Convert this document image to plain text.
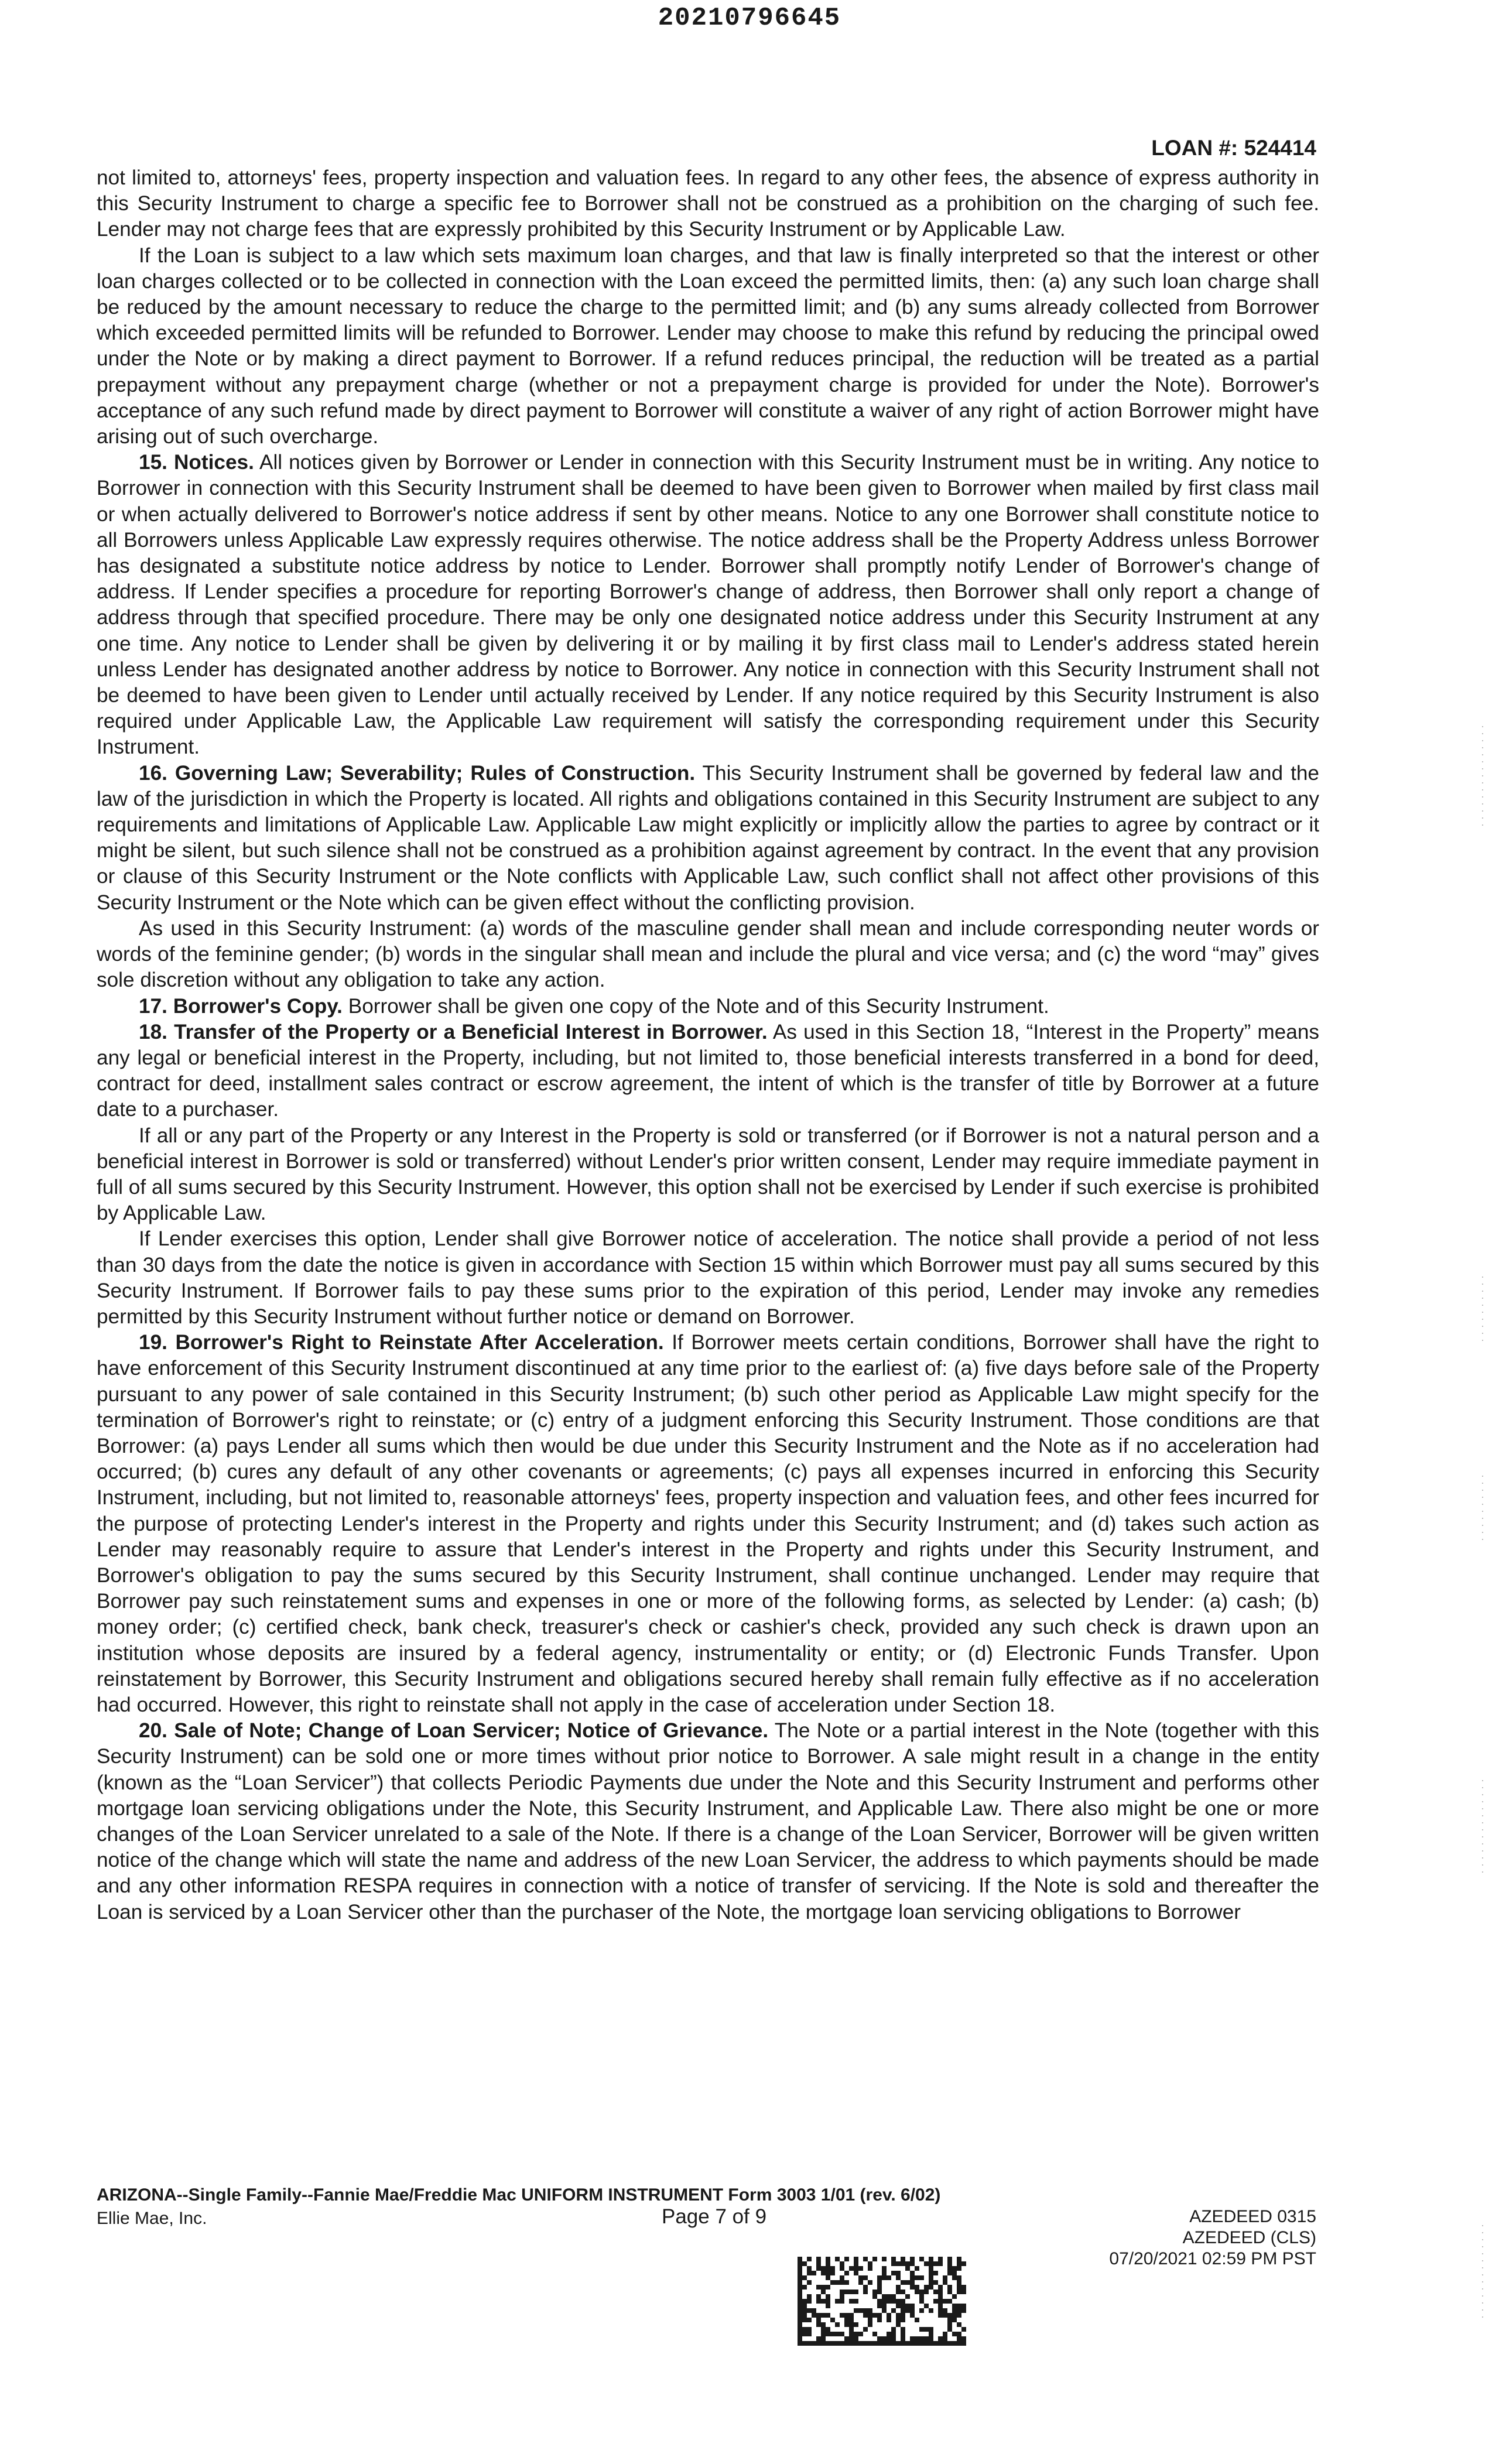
20210796645
LOAN #: 524414

not limited to, attorneys' fees, property inspection and valuation fees. In regard to any other fees, the absence of express authority in this Security Instrument to charge a specific fee to Borrower shall not be construed as a prohibition on the charging of such fee. Lender may not charge fees that are expressly prohibited by this Security Instrument or by Applicable Law.

If the Loan is subject to a law which sets maximum loan charges, and that law is finally interpreted so that the interest or other loan charges collected or to be collected in connection with the Loan exceed the permitted limits, then: (a) any such loan charge shall be reduced by the amount necessary to reduce the charge to the permitted limit; and (b) any sums already collected from Borrower which exceeded permitted limits will be refunded to Borrower. Lender may choose to make this refund by reducing the principal owed under the Note or by making a direct payment to Borrower. If a refund reduces principal, the reduction will be treated as a partial prepayment without any prepayment charge (whether or not a prepayment charge is provided for under the Note). Borrower's acceptance of any such refund made by direct payment to Borrower will constitute a waiver of any right of action Borrower might have arising out of such overcharge.

15. Notices. All notices given by Borrower or Lender in connection with this Security Instrument must be in writing. Any notice to Borrower in connection with this Security Instrument shall be deemed to have been given to Borrower when mailed by first class mail or when actually delivered to Borrower's notice address if sent by other means. Notice to any one Borrower shall constitute notice to all Borrowers unless Applicable Law expressly requires otherwise. The notice address shall be the Property Address unless Borrower has designated a substitute notice address by notice to Lender. Borrower shall promptly notify Lender of Borrower's change of address. If Lender specifies a procedure for reporting Borrower's change of address, then Borrower shall only report a change of address through that specified procedure. There may be only one designated notice address under this Security Instrument at any one time. Any notice to Lender shall be given by delivering it or by mailing it by first class mail to Lender's address stated herein unless Lender has designated another address by notice to Borrower. Any notice in connection with this Security Instrument shall not be deemed to have been given to Lender until actually received by Lender. If any notice required by this Security Instrument is also required under Applicable Law, the Applicable Law requirement will satisfy the corresponding requirement under this Security Instrument.

16. Governing Law; Severability; Rules of Construction. This Security Instrument shall be governed by federal law and the law of the jurisdiction in which the Property is located. All rights and obligations contained in this Security Instrument are subject to any requirements and limitations of Applicable Law. Applicable Law might explicitly or implicitly allow the parties to agree by contract or it might be silent, but such silence shall not be construed as a prohibition against agreement by contract. In the event that any provision or clause of this Security Instrument or the Note conflicts with Applicable Law, such conflict shall not affect other provisions of this Security Instrument or the Note which can be given effect without the conflicting provision.

As used in this Security Instrument: (a) words of the masculine gender shall mean and include corresponding neuter words or words of the feminine gender; (b) words in the singular shall mean and include the plural and vice versa; and (c) the word “may” gives sole discretion without any obligation to take any action.

17. Borrower's Copy. Borrower shall be given one copy of the Note and of this Security Instrument.

18. Transfer of the Property or a Beneficial Interest in Borrower. As used in this Section 18, “Interest in the Property” means any legal or beneficial interest in the Property, including, but not limited to, those beneficial interests transferred in a bond for deed, contract for deed, installment sales contract or escrow agreement, the intent of which is the transfer of title by Borrower at a future date to a purchaser.

If all or any part of the Property or any Interest in the Property is sold or transferred (or if Borrower is not a natural person and a beneficial interest in Borrower is sold or transferred) without Lender's prior written consent, Lender may require immediate payment in full of all sums secured by this Security Instrument. However, this option shall not be exercised by Lender if such exercise is prohibited by Applicable Law.

If Lender exercises this option, Lender shall give Borrower notice of acceleration. The notice shall provide a period of not less than 30 days from the date the notice is given in accordance with Section 15 within which Borrower must pay all sums secured by this Security Instrument. If Borrower fails to pay these sums prior to the expiration of this period, Lender may invoke any remedies permitted by this Security Instrument without further notice or demand on Borrower.

19. Borrower's Right to Reinstate After Acceleration. If Borrower meets certain conditions, Borrower shall have the right to have enforcement of this Security Instrument discontinued at any time prior to the earliest of: (a) five days before sale of the Property pursuant to any power of sale contained in this Security Instrument; (b) such other period as Applicable Law might specify for the termination of Borrower's right to reinstate; or (c) entry of a judgment enforcing this Security Instrument. Those conditions are that Borrower: (a) pays Lender all sums which then would be due under this Security Instrument and the Note as if no acceleration had occurred; (b) cures any default of any other covenants or agreements; (c) pays all expenses incurred in enforcing this Security Instrument, including, but not limited to, reasonable attorneys' fees, property inspection and valuation fees, and other fees incurred for the purpose of protecting Lender's interest in the Property and rights under this Security Instrument; and (d) takes such action as Lender may reasonably require to assure that Lender's interest in the Property and rights under this Security Instrument, and Borrower's obligation to pay the sums secured by this Security Instrument, shall continue unchanged. Lender may require that Borrower pay such reinstatement sums and expenses in one or more of the following forms, as selected by Lender: (a) cash; (b) money order; (c) certified check, bank check, treasurer's check or cashier's check, provided any such check is drawn upon an institution whose deposits are insured by a federal agency, instrumentality or entity; or (d) Electronic Funds Transfer. Upon reinstatement by Borrower, this Security Instrument and obligations secured hereby shall remain fully effective as if no acceleration had occurred. However, this right to reinstate shall not apply in the case of acceleration under Section 18.

20. Sale of Note; Change of Loan Servicer; Notice of Grievance. The Note or a partial interest in the Note (together with this Security Instrument) can be sold one or more times without prior notice to Borrower. A sale might result in a change in the entity (known as the “Loan Servicer”) that collects Periodic Payments due under the Note and this Security Instrument and performs other mortgage loan servicing obligations under the Note, this Security Instrument, and Applicable Law. There also might be one or more changes of the Loan Servicer unrelated to a sale of the Note. If there is a change of the Loan Servicer, Borrower will be given written notice of the change which will state the name and address of the new Loan Servicer, the address to which payments should be made and any other information RESPA requires in connection with a notice of transfer of servicing. If the Note is sold and thereafter the Loan is serviced by a Loan Servicer other than the purchaser of the Note, the mortgage loan servicing obligations to Borrower

ARIZONA--Single Family--Fannie Mae/Freddie Mac UNIFORM INSTRUMENT Form 3003 1/01 (rev. 6/02)
Ellie Mae, Inc.	Page 7 of 9	AZEDEED 0315
AZEDEED (CLS)
07/20/2021 02:59 PM PST
